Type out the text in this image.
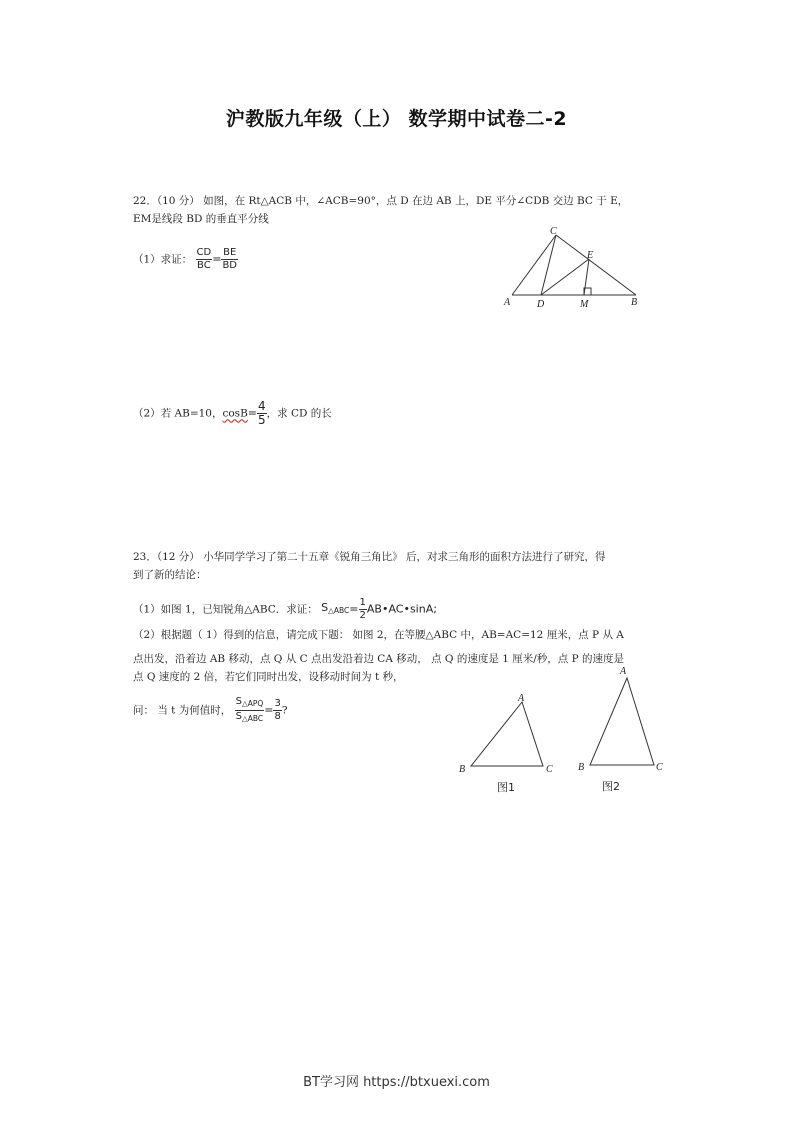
沪教版九年级（上） 数学期中试卷二-2
22．（10 分） 如图，在 Rt△ACB 中，∠ACB=90°，点 D 在边 AB 上，DE 平分∠CDB 交边 BC 于 E，
EM是线段 BD 的垂直平分线
（1）求证： $\frac{CD}{BC} = \frac{BE}{BD}$
C
E
A	D	M	B
（2）若 AB=10，$\cos B= \frac{4}{5}$ ，求 CD 的长
23．（12 分） 小华同学学习了第二十五章《锐角三角比》 后，对求三角形的面积方法进行了研究，得
到了新的结论：
（1）如图 1，已知锐角△ABC．求证： $S_{\triangle ABC}= \frac{1}{2}$ AB•AC•sinA;
（2）根据题（ 1）得到的信息，请完成下题： 如图 2，在等腰△ABC 中，AB=AC=12 厘米，点 P 从 A
点出发，沿着边 AB 移动，点 Q 从 C 点出发沿着边 CA 移动， 点 Q 的速度是 1 厘米/秒，点 P 的速度是
点 Q 速度的 2 倍，若它们同时出发，设移动时间为 t 秒，
问： 当 t 为何值时， $\frac{S_{\triangle APQ}}{S_{\triangle ABC}} = \frac{3}{8}$ ?
A
B	C
图1
A
B	C
图2
BT学习网 https://btxuexi.com
